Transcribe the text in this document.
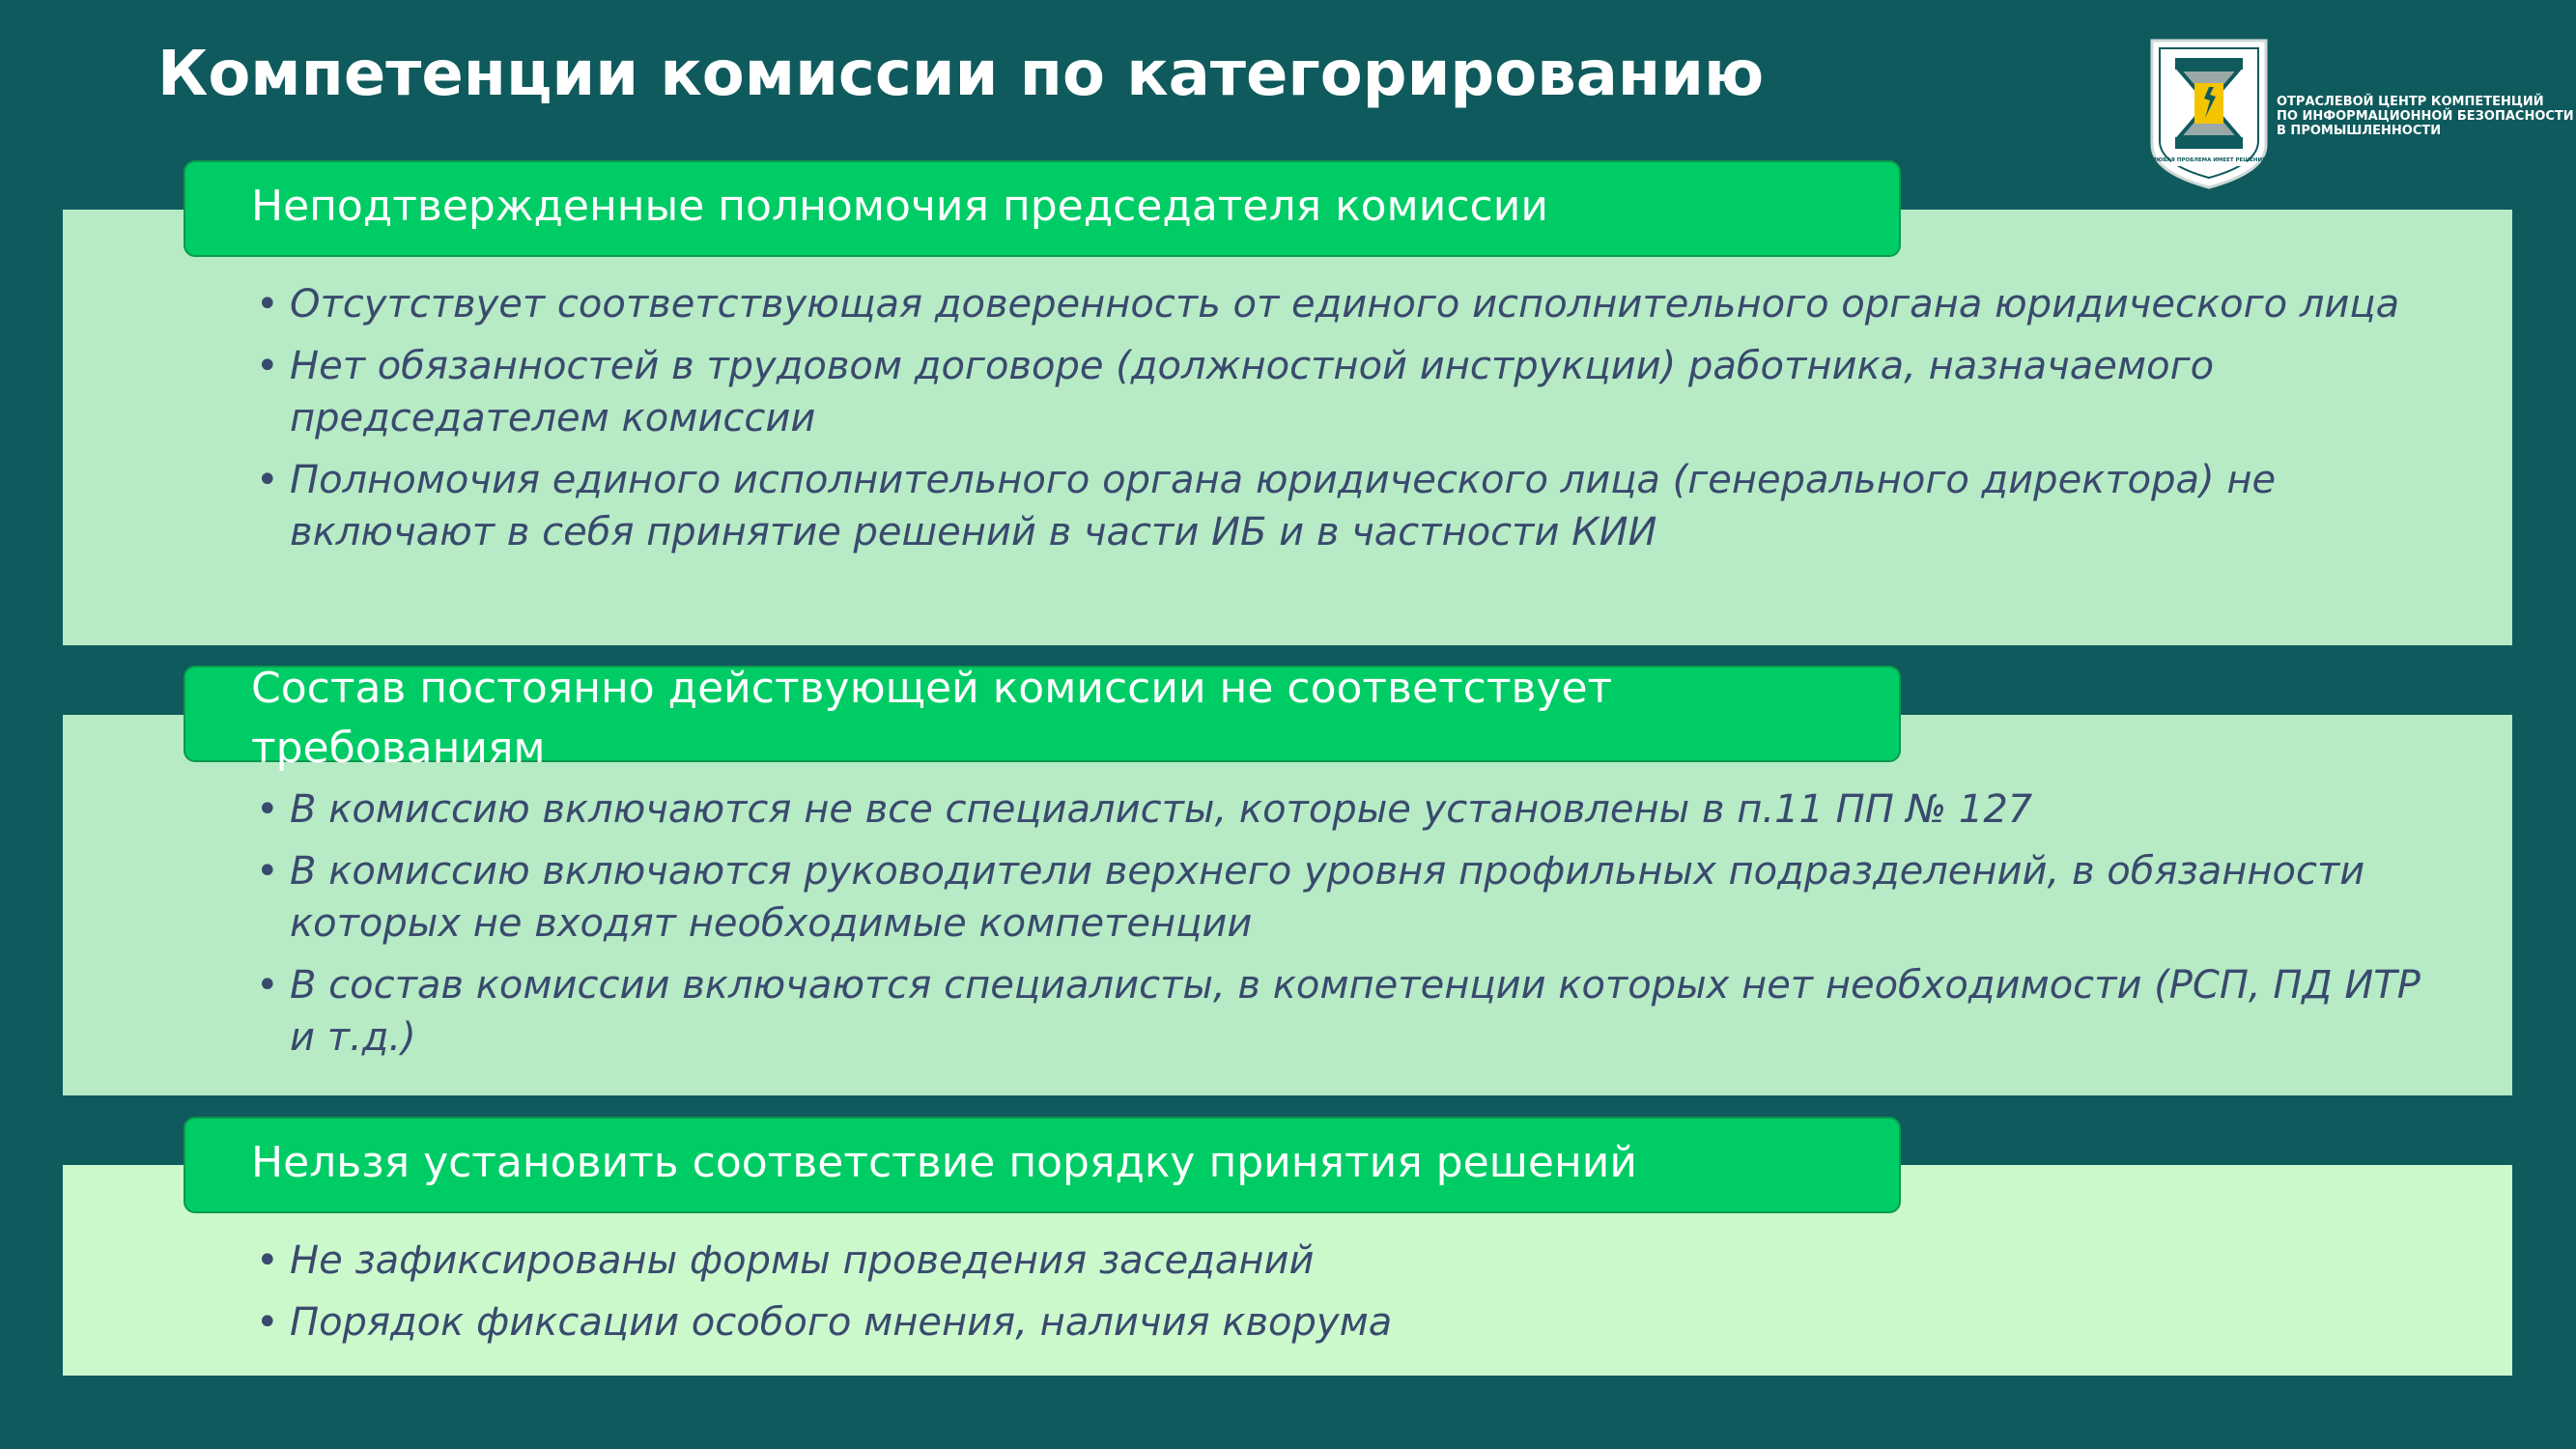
Компетенции комиссии по категорированию
ЛЮБАЯ ПРОБЛЕМА ИМЕЕТ РЕШЕНИЕ
ОТРАСЛЕВОЙ ЦЕНТР КОМПЕТЕНЦИЙ
ПО ИНФОРМАЦИОННОЙ БЕЗОПАСНОСТИ
В ПРОМЫШЛЕННОСТИ
Неподтвержденные полномочия председателя комиссии
• Отсутствует соответствующая доверенность от единого исполнительного органа юридического лица
• Нет обязанностей в трудовом договоре (должностной инструкции) работника, назначаемого председателем комиссии
• Полномочия единого исполнительного органа юридического лица (генерального директора) не включают в себя принятие решений в части ИБ и в частности КИИ
Состав постоянно действующей комиссии не соответствует требованиям
• В комиссию включаются не все специалисты, которые установлены в п.11 ПП № 127
• В комиссию включаются руководители верхнего уровня профильных подразделений, в обязанности которых не входят необходимые компетенции
• В состав комиссии включаются специалисты, в компетенции которых нет необходимости (РСП, ПД ИТР и т.д.)
Нельзя установить соответствие порядку принятия решений
• Не зафиксированы формы проведения заседаний
• Порядок фиксации особого мнения, наличия кворума
